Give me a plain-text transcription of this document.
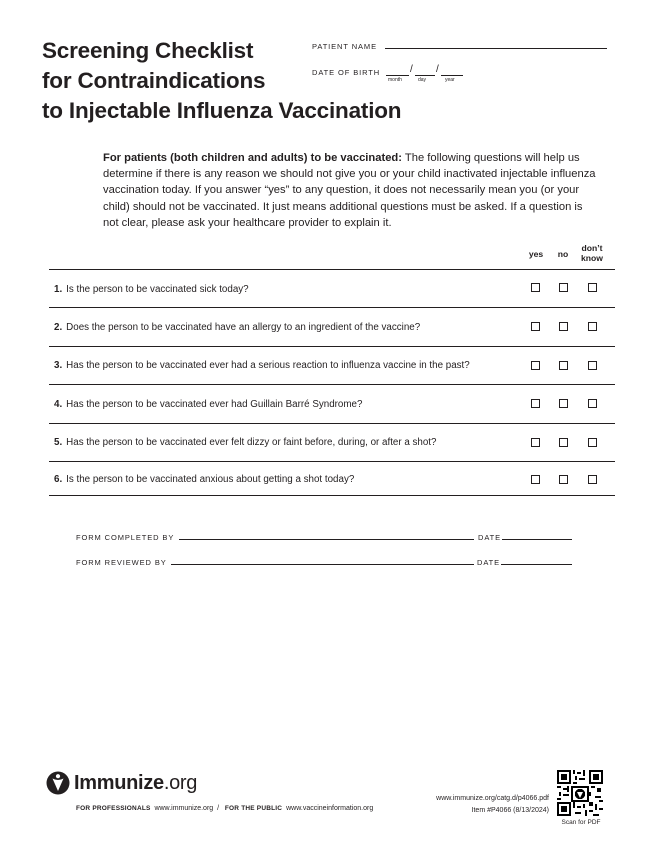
Screening Checklist
for Contraindications
to Injectable Influenza Vaccination
PATIENT NAME
DATE OF BIRTH	/ /
month	day	year

For patients (both children and adults) to be vaccinated: The following questions will help us determine if there is any reason we should not give you or your child inactivated injectable influenza vaccination today. If you answer “yes” to any question, it does not necessarily mean you (or your child) should not be vaccinated. It just means additional questions must be asked. If a question is not clear, please ask your healthcare provider to explain it.

yes	no
don’t
know
1. Is the person to be vaccinated sick today?
2. Does the person to be vaccinated have an allergy to an ingredient of the vaccine?
3. Has the person to be vaccinated ever had a serious reaction to influenza vaccine in the past?
4. Has the person to be vaccinated ever had Guillain Barré Syndrome?
5. Has the person to be vaccinated ever felt dizzy or faint before, during, or after a shot?
6. Is the person to be vaccinated anxious about getting a shot today?
FORM COMPLETED BY	DATE
FORM REVIEWED BY	DATE
Immunize.org
FOR PROFESSIONALS www.immunize.org / FOR THE PUBLIC www.vaccineinformation.org
www.immunize.org/catg.d/p4066.pdf
Item #P4066 (8/13/2024)
Scan for PDF
